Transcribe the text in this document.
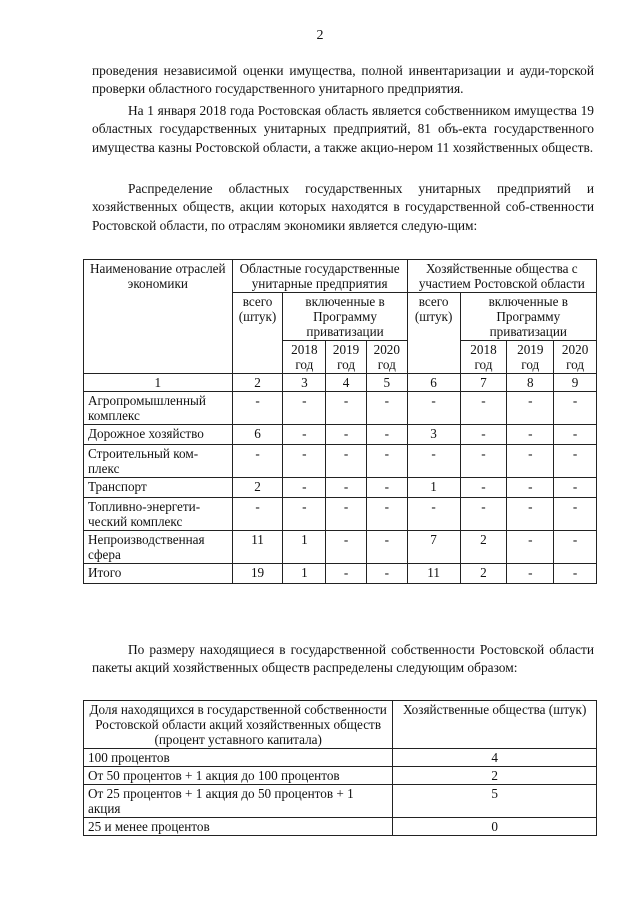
2

проведения независимой оценки имущества, полной инвентаризации и ауди-торской проверки областного государственного унитарного предприятия.

На 1 января 2018 года Ростовская область является собственником имущества 19 областных государственных унитарных предприятий, 81 объ-екта государственного имущества казны Ростовской области, а также акцио-нером 11 хозяйственных обществ.

Распределение областных государственных унитарных предприятий и хозяйственных обществ, акции которых находятся в государственной соб-ственности Ростовской области, по отраслям экономики является следую-щим:

Наименование отраслей экономики	Областные государственные унитарные предприятия				Хозяйственные общества с участием Ростовской области			
	всего (штук)	включенные в Программу приватизации			всего (штук)	включенные в Программу приватизации		
		2018 год	2019 год	2020 год		2018 год	2019 год	2020 год
1	2	3	4	5	6	7	8	9
Агропромышленный комплекс	-	-	-	-	-	-	-	-
Дорожное хозяйство	6	-	-	-	3	-	-	-
Строительный ком-плекс	-	-	-	-	-	-	-	-
Транспорт	2	-	-	-	1	-	-	-
Топливно-энергети-ческий комплекс	-	-	-	-	-	-	-	-
Непроизводственная сфера	11	1	-	-	7	2	-	-
Итого	19	1	-	-	11	2	-	-

По размеру находящиеся в государственной собственности Ростовской области пакеты акций хозяйственных обществ распределены следующим образом:

Доля находящихся в государственной собственности Ростовской области акций хозяйственных обществ (процент уставного капитала)	Хозяйственные общества (штук)
100 процентов	4
От 50 процентов + 1 акция до 100 процентов	2
От 25 процентов + 1 акция до 50 процентов + 1 акция	5
25 и менее процентов	0
